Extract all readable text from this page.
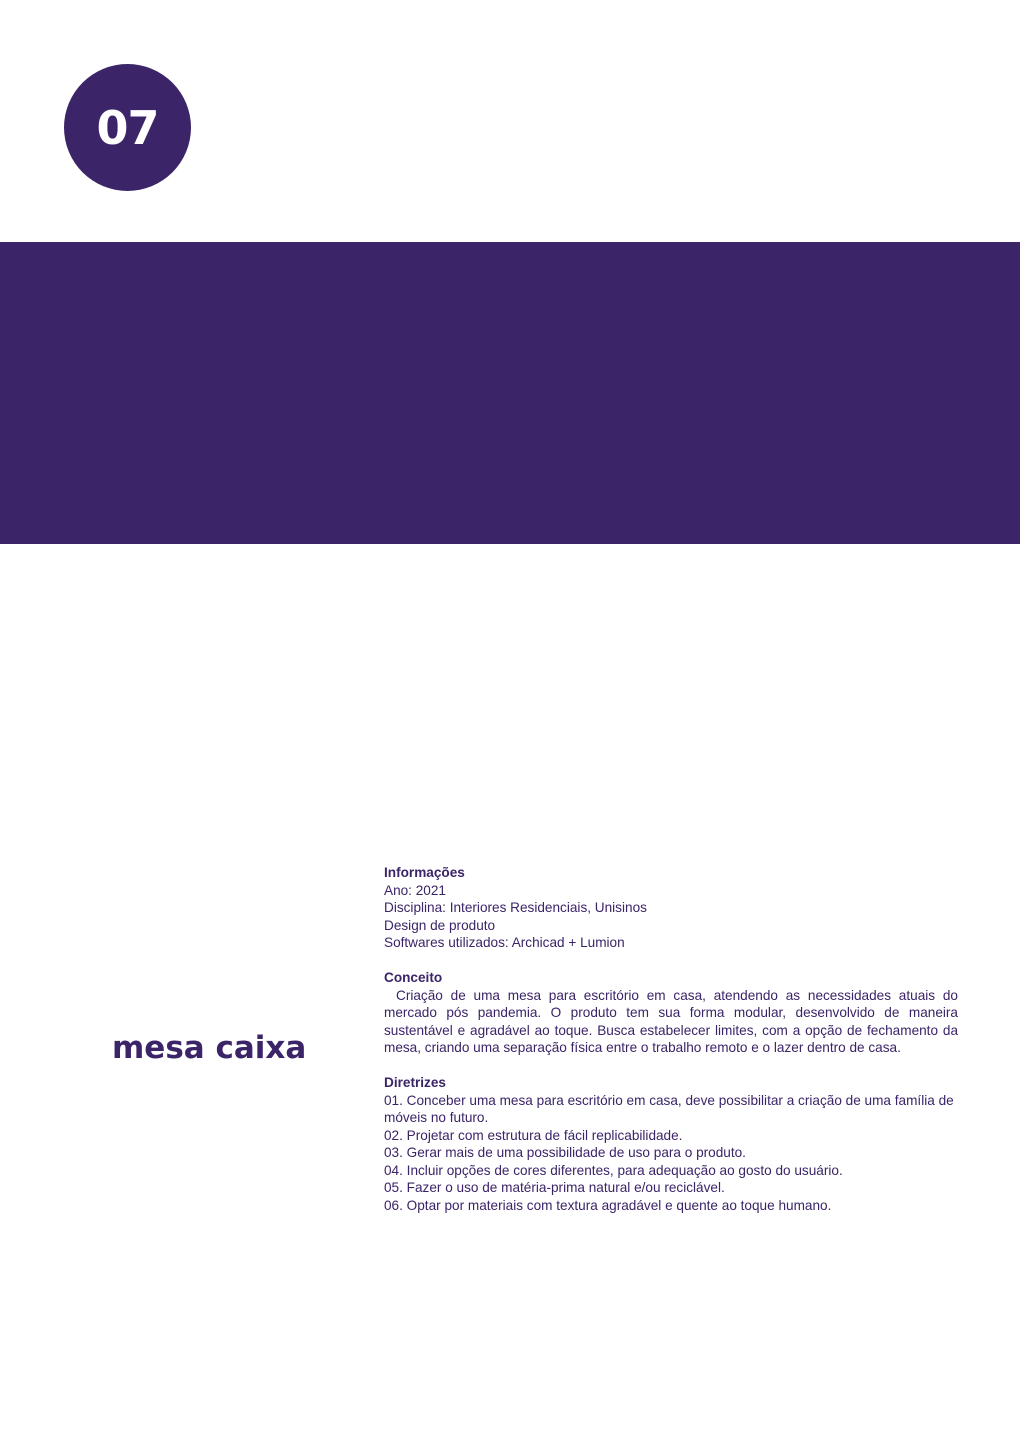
07
mesa caixa
Informações
Ano: 2021
Disciplina: Interiores Residenciais, Unisinos
Design de produto
Softwares utilizados: Archicad + Lumion
Conceito

Criação de uma mesa para escritório em casa, atendendo as necessidades atuais do mercado pós pandemia. O produto tem sua forma modular, desenvolvido de maneira sustentável e agradável ao toque. Busca estabelecer limites, com a opção de fechamento da mesa, criando uma separação física entre o trabalho remoto e o lazer dentro de casa.

Diretrizes
01. Conceber uma mesa para escritório em casa, deve possibilitar a criação de uma família de móveis no futuro.
02. Projetar com estrutura de fácil replicabilidade.
03. Gerar mais de uma possibilidade de uso para o produto.
04. Incluir opções de cores diferentes, para adequação ao gosto do usuário.
05. Fazer o uso de matéria-prima natural e/ou reciclável.
06. Optar por materiais com textura agradável e quente ao toque humano.
